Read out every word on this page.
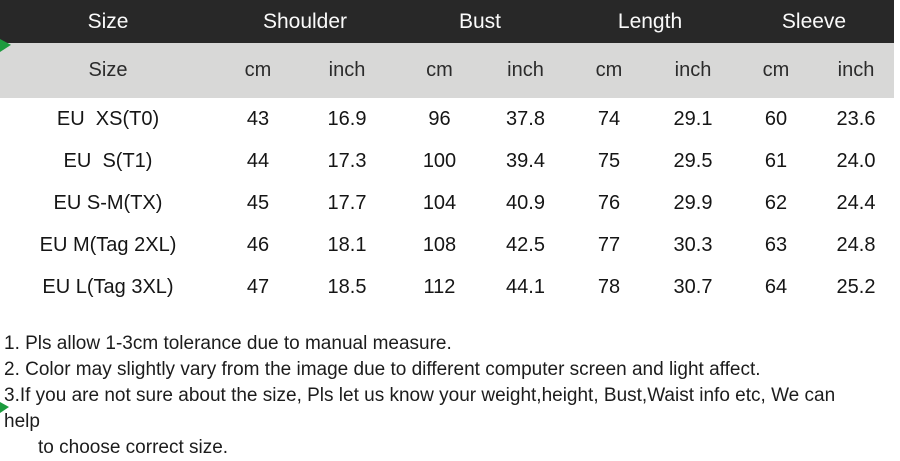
Size	Shoulder		Bust		Length		Sleeve	
Size	cm	inch	cm	inch	cm	inch	cm	inch
EU  XS(T0)	43	16.9	96	37.8	74	29.1	60	23.6
EU  S(T1)	44	17.3	100	39.4	75	29.5	61	24.0
EU S-M(TX)	45	17.7	104	40.9	76	29.9	62	24.4
EU M(Tag 2XL)	46	18.1	108	42.5	77	30.3	63	24.8
EU L(Tag 3XL)	47	18.5	112	44.1	78	30.7	64	25.2
1. Pls allow 1-3cm tolerance due to manual measure.
2. Color may slightly vary from the image due to different computer screen and light affect.
3.If you are not sure about the size, Pls let us know your weight,height, Bust,Waist info etc, We can help
to choose correct size.
